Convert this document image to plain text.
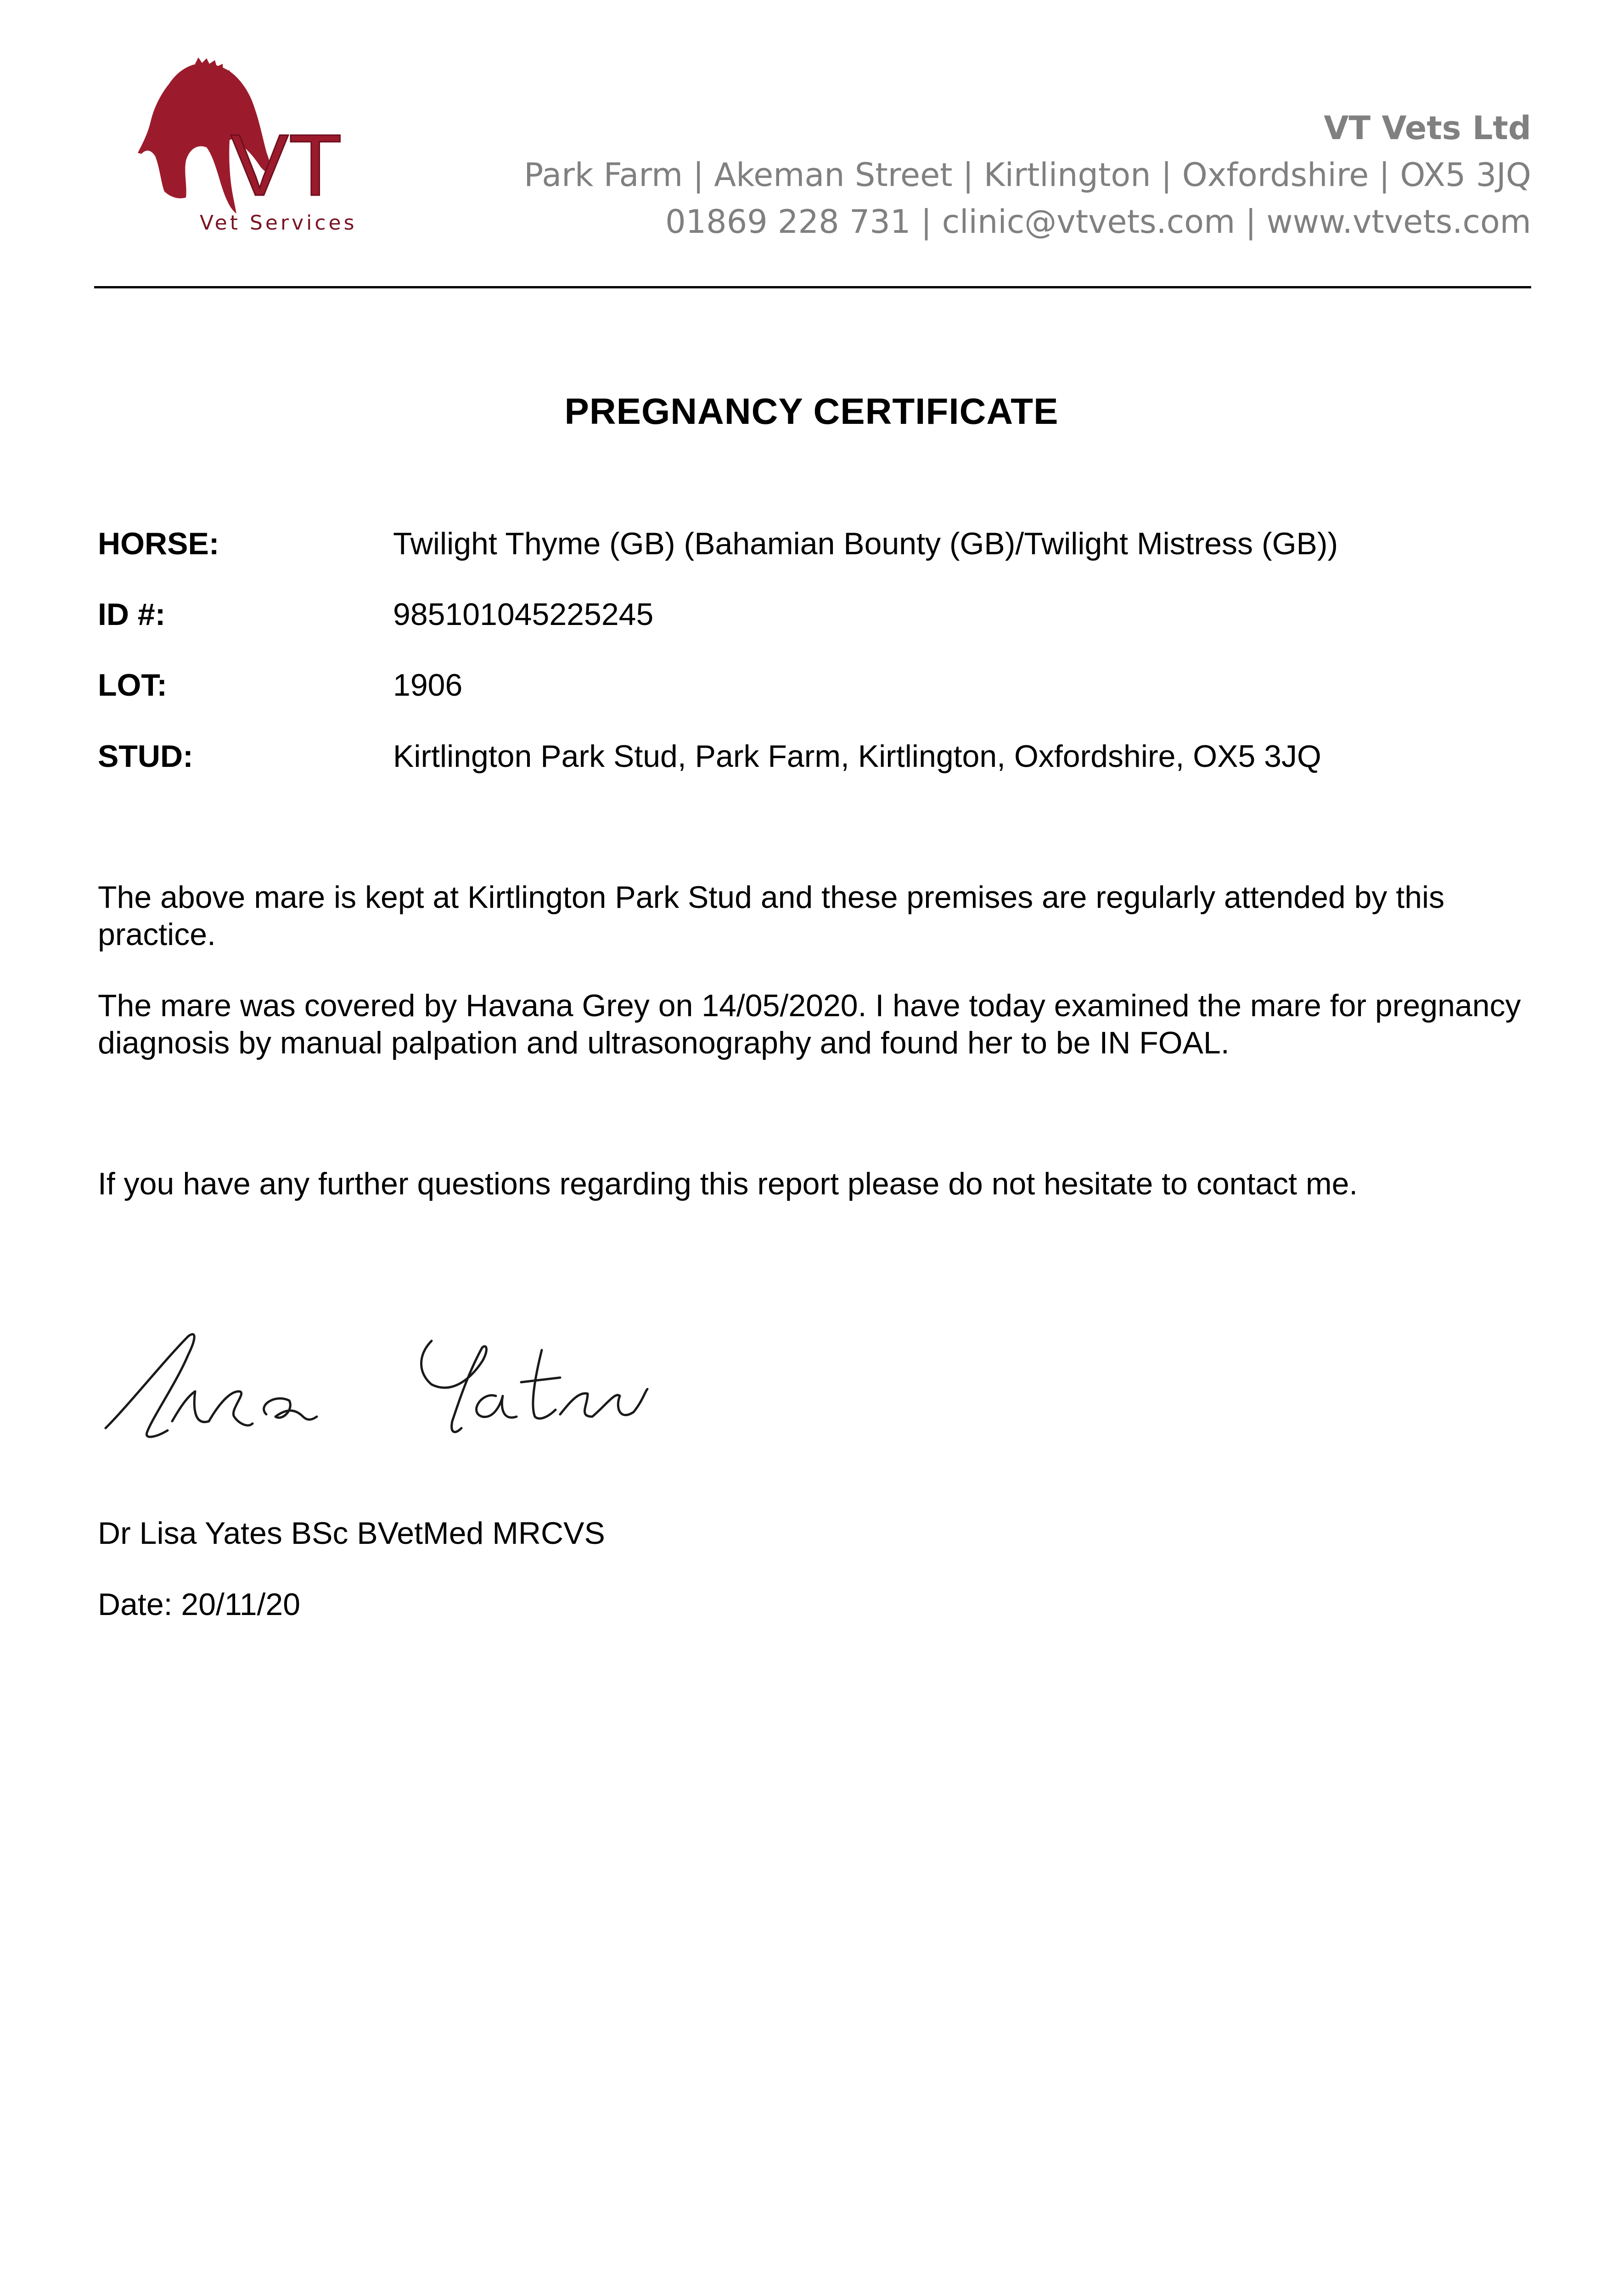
VT
Vet Services
VT Vets Ltd
Park Farm | Akeman Street | Kirtlington | Oxfordshire | OX5 3JQ
01869 228 731 | clinic@vtvets.com | www.vtvets.com
PREGNANCY CERTIFICATE
HORSE:	Twilight Thyme (GB) (Bahamian Bounty (GB)/Twilight Mistress (GB))
ID #:	985101045225245
LOT:	1906
STUD:	Kirtlington Park Stud, Park Farm, Kirtlington, Oxfordshire, OX5 3JQ
The above mare is kept at Kirtlington Park Stud and these premises are regularly attended by this practice.
The mare was covered by Havana Grey on 14/05/2020. I have today examined the mare for pregnancy diagnosis by manual palpation and ultrasonography and found her to be IN FOAL.
If you have any further questions regarding this report please do not hesitate to contact me.
Dr Lisa Yates BSc BVetMed MRCVS
Date: 20/11/20
